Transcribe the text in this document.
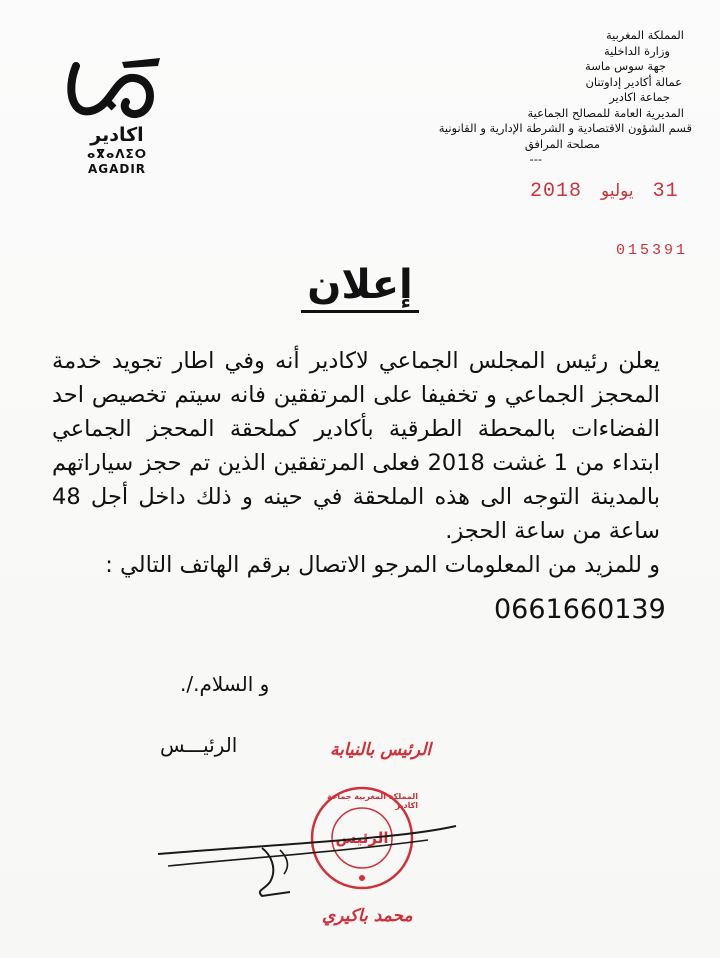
اكادير
ⴰⴳⴰⴷⵉⵔ
AGADIR
المملكة المغربية
وزارة الداخلية
جهة سوس ماسة
عمالة أكادير إداوتنان
جماعة اكادير
المديرية العامة للمصالح الجماعية
قسم الشؤون الاقتصادية و الشرطة الإدارية و القانونية
مصلحة المرافق
---
2018 يوليو 31
015391
إعلان

يعلن رئيس المجلس الجماعي لاكادير أنه وفي اطار تجويد خدمة المحجز الجماعي و تخفيفا على المرتفقين فانه سيتم تخصيص احد الفضاءات بالمحطة الطرقية بأكادير كملحقة المحجز الجماعي ابتداء من 1 غشت 2018 فعلى المرتفقين الذين تم حجز سياراتهم بالمدينة التوجه الى هذه الملحقة في حينه و ذلك داخل أجل 48 ساعة من ساعة الحجز.

و للمزيد من المعلومات المرجو الاتصال برقم الهاتف التالي :

0661660139
و السلام./.
الرئيـــس	الرئيس بالنيابة
المملكة المغربية جماعة اكادير
الرئيس
محمد باكيري
